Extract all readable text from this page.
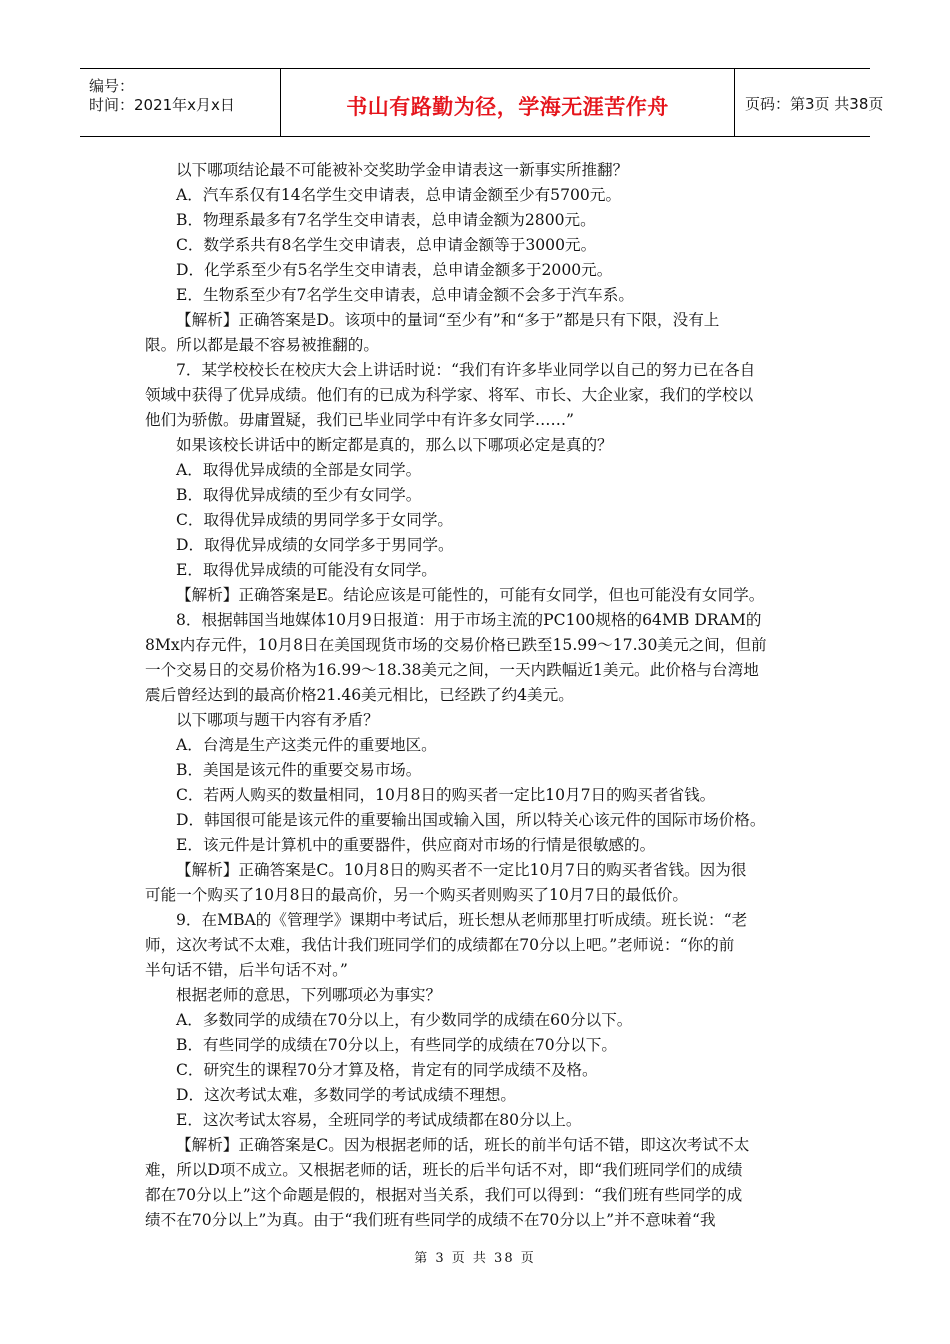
编号：
时间：2021年x月x日	书山有路勤为径，学海无涯苦作舟	页码：第3页 共38页

以下哪项结论最不可能被补交奖助学金申请表这一新事实所推翻？

A．汽车系仅有14名学生交申请表，总申请金额至少有5700元。

B．物理系最多有7名学生交申请表，总申请金额为2800元。

C．数学系共有8名学生交申请表，总申请金额等于3000元。

D．化学系至少有5名学生交申请表，总申请金额多于2000元。

E．生物系至少有7名学生交申请表，总申请金额不会多于汽车系。

【解析】正确答案是D。该项中的量词“至少有”和“多于”都是只有下限，没有上

限。所以都是最不容易被推翻的。

7．某学校校长在校庆大会上讲话时说：“我们有许多毕业同学以自己的努力已在各自

领域中获得了优异成绩。他们有的已成为科学家、将军、市长、大企业家，我们的学校以

他们为骄傲。毋庸置疑，我们已毕业同学中有许多女同学……”

如果该校长讲话中的断定都是真的，那么以下哪项必定是真的？

A．取得优异成绩的全部是女同学。

B．取得优异成绩的至少有女同学。

C．取得优异成绩的男同学多于女同学。

D．取得优异成绩的女同学多于男同学。

E．取得优异成绩的可能没有女同学。

【解析】正确答案是E。结论应该是可能性的，可能有女同学，但也可能没有女同学。

8．根据韩国当地媒体10月9日报道：用于市场主流的PC100规格的64MB DRAM的

8Mx内存元件，10月8日在美国现货市场的交易价格已跌至15.99～17.30美元之间，但前

一个交易日的交易价格为16.99～18.38美元之间，一天内跌幅近1美元。此价格与台湾地

震后曾经达到的最高价格21.46美元相比，已经跌了约4美元。

以下哪项与题干内容有矛盾？

A．台湾是生产这类元件的重要地区。

B．美国是该元件的重要交易市场。

C．若两人购买的数量相同，10月8日的购买者一定比10月7日的购买者省钱。

D．韩国很可能是该元件的重要输出国或输入国，所以特关心该元件的国际市场价格。

E．该元件是计算机中的重要器件，供应商对市场的行情是很敏感的。

【解析】正确答案是C。10月8日的购买者不一定比10月7日的购买者省钱。因为很

可能一个购买了10月8日的最高价，另一个购买者则购买了10月7日的最低价。

9．在MBA的《管理学》课期中考试后，班长想从老师那里打听成绩。班长说：“老

师，这次考试不太难，我估计我们班同学们的成绩都在70分以上吧。”老师说：“你的前

半句话不错，后半句话不对。”

根据老师的意思，下列哪项必为事实？

A．多数同学的成绩在70分以上，有少数同学的成绩在60分以下。

B．有些同学的成绩在70分以上，有些同学的成绩在70分以下。

C．研究生的课程70分才算及格，肯定有的同学成绩不及格。

D．这次考试太难，多数同学的考试成绩不理想。

E．这次考试太容易，全班同学的考试成绩都在80分以上。

【解析】正确答案是C。因为根据老师的话，班长的前半句话不错，即这次考试不太

难，所以D项不成立。又根据老师的话，班长的后半句话不对，即“我们班同学们的成绩

都在70分以上”这个命题是假的，根据对当关系，我们可以得到：“我们班有些同学的成

绩不在70分以上”为真。由于“我们班有些同学的成绩不在70分以上”并不意味着“我

第 3 页 共 38 页
